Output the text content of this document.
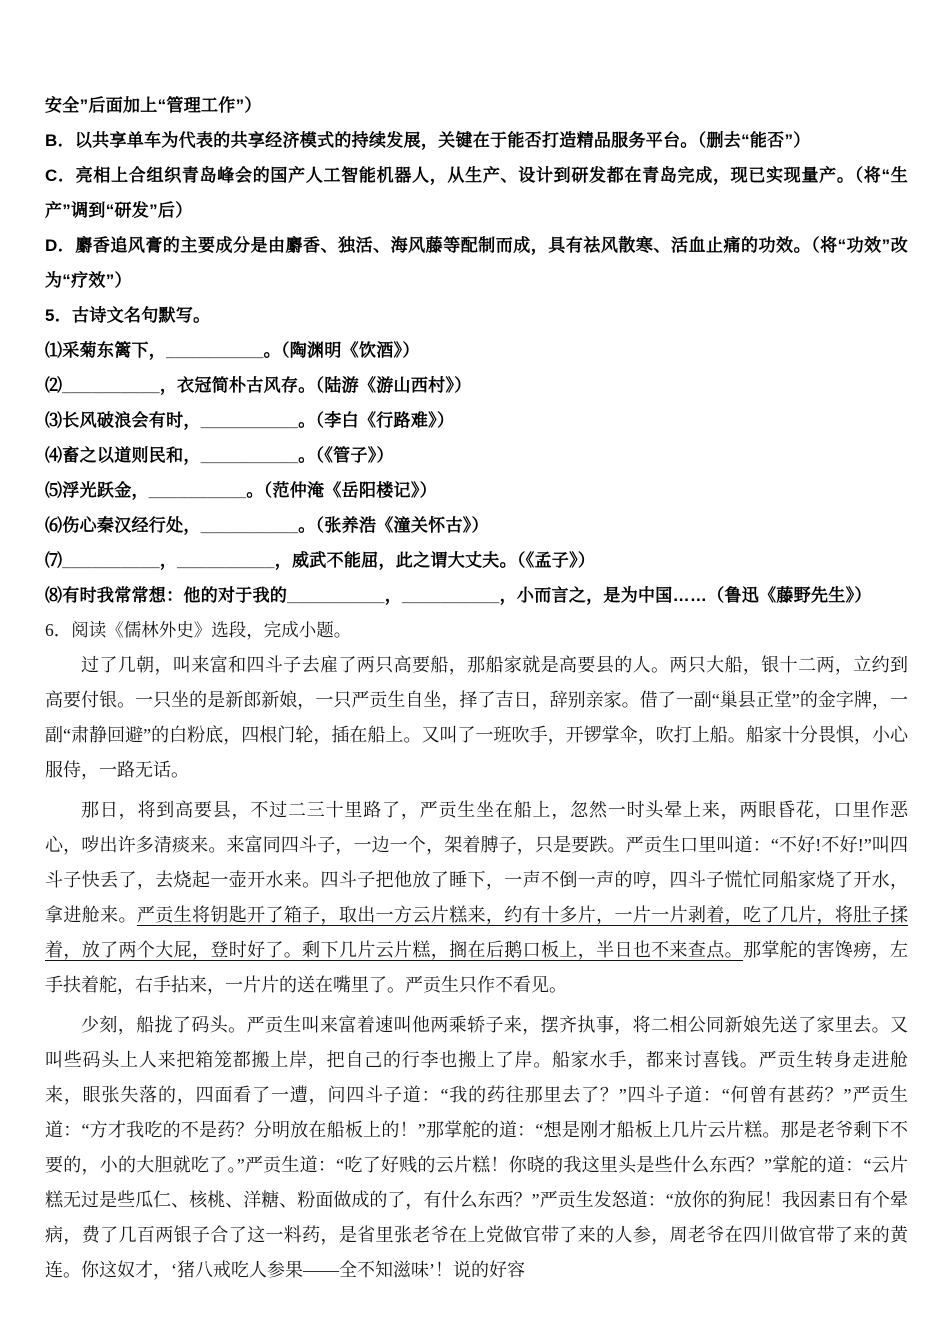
安全”后面加上“管理工作”）

B．以共享单车为代表的共享经济模式的持续发展，关键在于能否打造精品服务平台。（删去“能否”）

C．亮相上合组织青岛峰会的国产人工智能机器人，从生产、设计到研发都在青岛完成，现已实现量产。（将“生产”调到“研发”后）

D．麝香追风膏的主要成分是由麝香、独活、海风藤等配制而成，具有祛风散寒、活血止痛的功效。（将“功效”改为“疗效”）

5．古诗文名句默写。

⑴采菊东篱下，__________。（陶渊明《饮酒》）

⑵__________，衣冠简朴古风存。（陆游《游山西村》）

⑶长风破浪会有时，__________。（李白《行路难》）

⑷畜之以道则民和，__________。（《管子》）

⑸浮光跃金，__________。（范仲淹《岳阳楼记》）

⑹伤心秦汉经行处，__________。（张养浩《潼关怀古》）

⑺__________，__________，威武不能屈，此之谓大丈夫。（《孟子》）

⑻有时我常常想：他的对于我的__________，__________，小而言之，是为中国……（鲁迅《藤野先生》）

6．阅读《儒林外史》选段，完成小题。

过了几朝，叫来富和四斗子去雇了两只高要船，那船家就是高要县的人。两只大船，银十二两，立约到高要付银。一只坐的是新郎新娘，一只严贡生自坐，择了吉日，辞别亲家。借了一副“巢县正堂”的金字牌，一副“肃静回避”的白粉底，四根门轮，插在船上。又叫了一班吹手，开锣掌伞，吹打上船。船家十分畏惧，小心服侍，一路无话。

那日，将到高要县，不过二三十里路了，严贡生坐在船上，忽然一时头晕上来，两眼昏花，口里作恶心，哕出许多清痰来。来富同四斗子，一边一个，架着膊子，只是要跌。严贡生口里叫道：“不好!不好!”叫四斗子快丢了，去烧起一壶开水来。四斗子把他放了睡下，一声不倒一声的哼，四斗子慌忙同船家烧了开水，拿进舱来。严贡生将钥匙开了箱子，取出一方云片糕来，约有十多片，一片一片剥着，吃了几片，将肚子揉着，放了两个大屁，登时好了。剩下几片云片糕，搁在后鹅口板上，半日也不来查点。那掌舵的害馋痨，左手扶着舵，右手拈来，一片片的送在嘴里了。严贡生只作不看见。

少刻，船拢了码头。严贡生叫来富着速叫他两乘轿子来，摆齐执事，将二相公同新娘先送了家里去。又叫些码头上人来把箱笼都搬上岸，把自己的行李也搬上了岸。船家水手，都来讨喜钱。严贡生转身走进舱来，眼张失落的，四面看了一遭，问四斗子道：“我的药往那里去了？”四斗子道：“何曾有甚药？”严贡生道：“方才我吃的不是药？分明放在船板上的！”那掌舵的道：“想是刚才船板上几片云片糕。那是老爷剩下不要的，小的大胆就吃了。”严贡生道：“吃了好贱的云片糕！你晓的我这里头是些什么东西？”掌舵的道：“云片糕无过是些瓜仁、核桃、洋糖、粉面做成的了，有什么东西？”严贡生发怒道：“放你的狗屁！我因素日有个晕病，费了几百两银子合了这一料药，是省里张老爷在上党做官带了来的人参，周老爷在四川做官带了来的黄连。你这奴才，‘猪八戒吃人参果——全不知滋味’！说的好容
